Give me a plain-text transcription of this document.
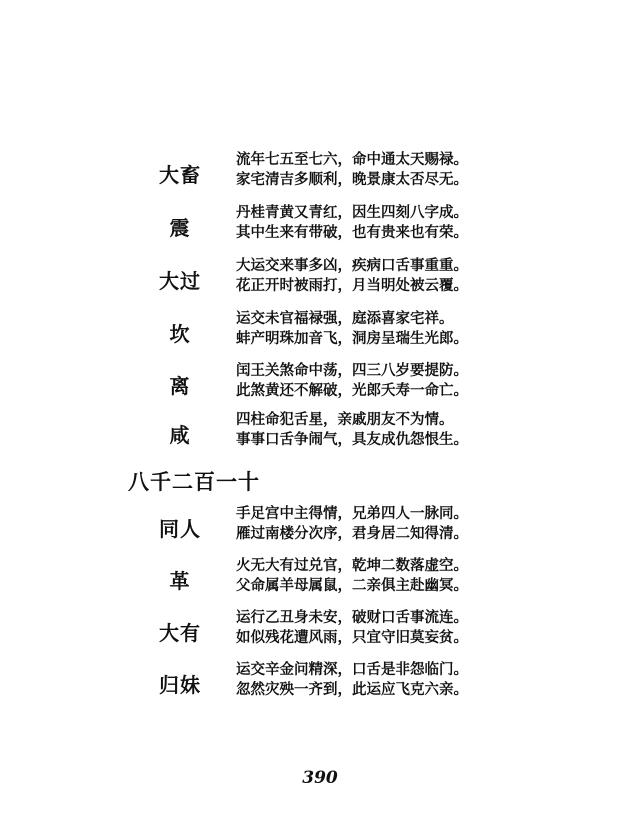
大畜
流年七五至七六，命中通太天赐禄。
家宅清吉多顺利，晚景康太否尽无。
震
丹桂青黄又青红，因生四刻八字成。
其中生来有带破，也有贵来也有荣。
大过
大运交来事多凶，疾病口舌事重重。
花正开时被雨打，月当明处被云覆。
坎
运交未官福禄强，庭添喜家宅祥。
蚌产明珠加音飞，洞房呈瑞生光郎。
离
闰王关煞命中荡，四三八岁要提防。
此煞黄还不解破，光郎夭寿一命亡。
咸
四柱命犯舌星，亲戚朋友不为情。
事事口舌争闹气，具友成仇怨恨生。
八千二百一十
同人
手足宫中主得情，兄弟四人一脉同。
雁过南楼分次序，君身居二知得清。
革
火无大有过兑官，乾坤二数落虚空。
父命属羊母属鼠，二亲俱主赴幽冥。
大有
运行乙丑身未安，破财口舌事流连。
如似残花遭风雨，只宜守旧莫妄贫。
归妹
运交辛金问精深，口舌是非怨临门。
忽然灾殃一齐到，此运应飞克六亲。
390
